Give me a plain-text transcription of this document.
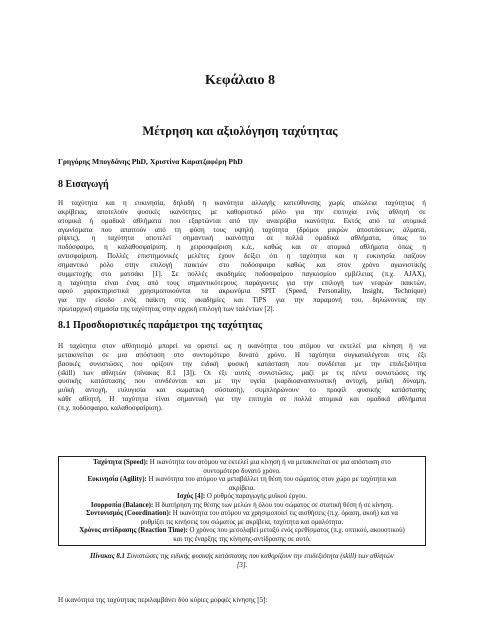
Κεφάλαιο 8
Μέτρηση και αξιολόγηση ταχύτητας
Γρηγόρης Μπογδάνης PhD, Χριστίνα Καρατζαφέρη PhD
8 Εισαγωγή

Η ταχύτητα και η ευκινησία, δηλαδή η ικανότητα αλλαγής κατεύθυνσης χωρίς απώλεια ταχύτητας ή
ακρίβειας, αποτελούν φυσικές ικανότητες με καθοριστικό ρόλο για την επιτυχία ενός αθλητή σε
ατομικά ή ομαδικά αθλήματα που εξαρτώνται από την αναερόβια ικανότητα. Εκτός από τα ατομικά
αγωνίσματα που απαιτούν από τη φύση τους υψηλή ταχύτητα (δρόμοι μικρών αποστάσεων, άλματα,
ρίψεις), η ταχύτητα αποτελεί σημαντική ικανότητα σε πολλά ομαδικά αθλήματα, όπως το
ποδόσφαιρο, η καλαθοσφαίριση, η χειροσφαίριση κ.ά., καθώς και σε ατομικά αθλήματα όπως η
αντισφαίριση. Πολλές επιστημονικές μελέτες έχουν δείξει ότι η ταχύτητα και η ευκινησία παίζουν
σημαντικό ρόλο στην επιλογή παικτών στο ποδόσφαιρο καθώς και στον χρόνο αγωνιστικής
συμμετοχής στο ματσάκι [1]. Σε πολλές ακαδημίες ποδοσφαίρου παγκοσμίου εμβέλειας (π.χ. AJAX),
η ταχύτητα είναι ένας από τους σημαντικότερους παράγοντες για την επιλογή των νεαρών παικτών,
αφού χαρακτηριστικά χρησιμοποιούνται τα ακρωνύμια SPIT (Speed, Personality, Insight, Technique)
για την είσοδο ενός παίκτη στις ακαδημίες και TiPS για την παραμονή του, δηλώνοντας την
πρωταρχική σημασία της ταχύτητας στην αρχική επιλογή των ταλέντων [2].

8.1 Προσδιοριστικές παράμετροι της ταχύτητας

Η ταχύτητα στον αθλητισμό μπορεί να οριστεί ως η ικανότητα του ατόμου να εκτελεί μια κίνηση ή να
μετακινείται σε μια απόσταση στο συντομότερο δυνατό χρόνο. Η ταχύτητα συγκαταλέγεται στις έξι
βασικές συνιστώσες που ορίζουν την ειδική φυσική κατάσταση που συνδέεται με την επιδεξιότητα
(skill) των αθλητών (πίνακας 8.1 [3]). Οι έξι αυτές συνιστώσες, μαζί με τις πέντε συνιστώσες της
φυσικής κατάστασης που συνδέονται και με την υγεία (καρδιοαναπνευστική αντοχή, μυϊκή δύναμη,
μυϊκή αντοχή, ευλυγισία και σωματική σύσταση), συμπληρώνουν το προφίλ φυσικής κατάστασης
κάθε αθλητή. Η ταχύτητα είναι σημαντική για την επιτυχία σε πολλά ατομικά και ομαδικά αθλήματα
(π.χ. ποδόσφαιρο, καλαθοσφαίριση).

Ταχύτητα (Speed): Η ικανότητα του ατόμου να εκτελεί μια κίνηση ή να μετακινείται σε μια απόσταση στο
συντομότερο δυνατό χρόνο.
Ευκινησία (Agility): Η ικανότητα του ατόμου να μεταβάλλει τη θέση του σώματος στον χώρο με ταχύτητα και
ακρίβεια.
Ισχύς [4]: Ο ρυθμός παραγωγής μυϊκού έργου.
Ισορροπία (Balance): Η διατήρηση της θέσης των μελών ή όλου του σώματος σε στατική θέση ή σε κίνηση.
Συντονισμός (Coordination): Η ικανότητα του ατόμου να χρησιμοποιεί τις αισθήσεις (π.χ. όραση, ακοή) και να
ρυθμίζει τις κινήσεις του σώματος με ακρίβεια, ταχύτητα και ομαλότητα.
Χρόνος αντίδρασης (Reaction Time): Ο χρόνος που μεσολαβεί μεταξύ ενός ερεθίσματος (π.χ. οπτικού, ακουστικού)
και της έναρξης της κίνησης-αντίδρασης σε αυτό.
Πίνακας 8.1 Συνιστώσες της ειδικής φυσικής κατάστασης που καθορίζουν την επιδεξιότητα (skill) των αθλητών
[3].
Η ικανότητα της ταχύτητας περιλαμβάνει δύο κύριες μορφές κίνησης [5]:
